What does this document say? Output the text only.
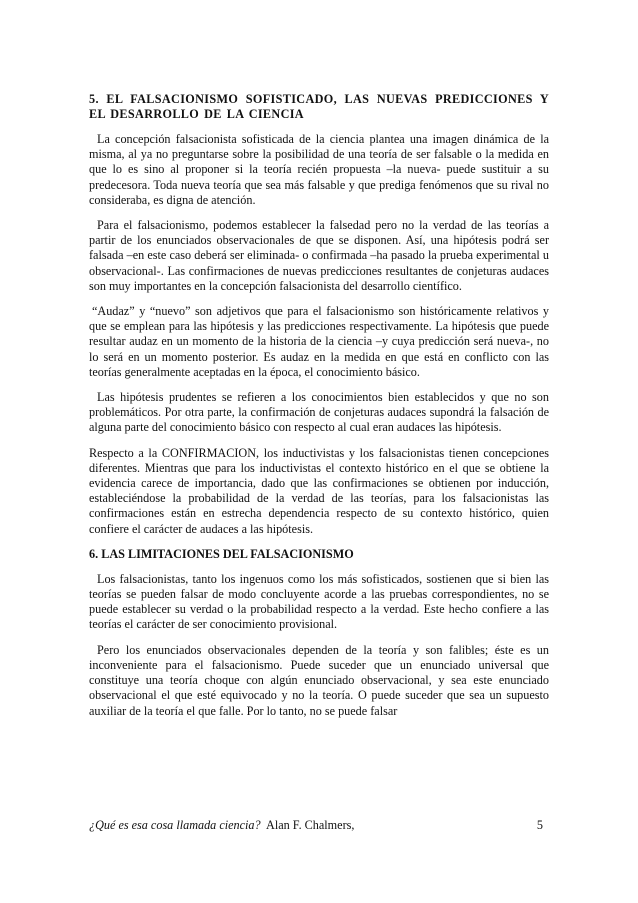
5. EL FALSACIONISMO SOFISTICADO, LAS NUEVAS PREDICCIONES Y EL DESARROLLO DE LA CIENCIA

La concepción falsacionista sofisticada de la ciencia plantea una imagen dinámica de la misma, al ya no preguntarse sobre la posibilidad de una teoría de ser falsable o la medida en que lo es sino al proponer si la teoría recién propuesta –la nueva- puede sustituir a su predecesora. Toda nueva teoría que sea más falsable y que prediga fenómenos que su rival no consideraba, es digna de atención.

Para el falsacionismo, podemos establecer la falsedad pero no la verdad de las teorías a partir de los enunciados observacionales de que se disponen. Así, una hipótesis podrá ser falsada –en este caso deberá ser eliminada- o confirmada –ha pasado la prueba experimental u observacional-. Las confirmaciones de nuevas predicciones resultantes de conjeturas audaces son muy importantes en la concepción falsacionista del desarrollo científico.

“Audaz” y “nuevo” son adjetivos que para el falsacionismo son históricamente relativos y que se emplean para las hipótesis y las predicciones respectivamente. La hipótesis que puede resultar audaz en un momento de la historia de la ciencia –y cuya predicción será nueva-, no lo será en un momento posterior. Es audaz en la medida en que está en conflicto con las teorías generalmente aceptadas en la época, el conocimiento básico.

Las hipótesis prudentes se refieren a los conocimientos bien establecidos y que no son problemáticos. Por otra parte, la confirmación de conjeturas audaces supondrá la falsación de alguna parte del conocimiento básico con respecto al cual eran audaces las hipótesis.

Respecto a la CONFIRMACION, los inductivistas y los falsacionistas tienen concepciones diferentes. Mientras que para los inductivistas el contexto histórico en el que se obtiene la evidencia carece de importancia, dado que las confirmaciones se obtienen por inducción, estableciéndose la probabilidad de la verdad de las teorías, para los falsacionistas las confirmaciones están en estrecha dependencia respecto de su contexto histórico, quien confiere el carácter de audaces a las hipótesis.

6. LAS LIMITACIONES DEL FALSACIONISMO

Los falsacionistas, tanto los ingenuos como los más sofisticados, sostienen que si bien las teorías se pueden falsar de modo concluyente acorde a las pruebas correspondientes, no se puede establecer su verdad o la probabilidad respecto a la verdad. Este hecho confiere a las teorías el carácter de ser conocimiento provisional.

Pero los enunciados observacionales dependen de la teoría y son falibles; éste es un inconveniente para el falsacionismo. Puede suceder que un enunciado universal que constituye una teoría choque con algún enunciado observacional, y sea este enunciado observacional el que esté equivocado y no la teoría. O puede suceder que sea un supuesto auxiliar de la teoría el que falle. Por lo tanto, no se puede falsar

¿Qué es esa cosa llamada ciencia? Alan F. Chalmers,	5
